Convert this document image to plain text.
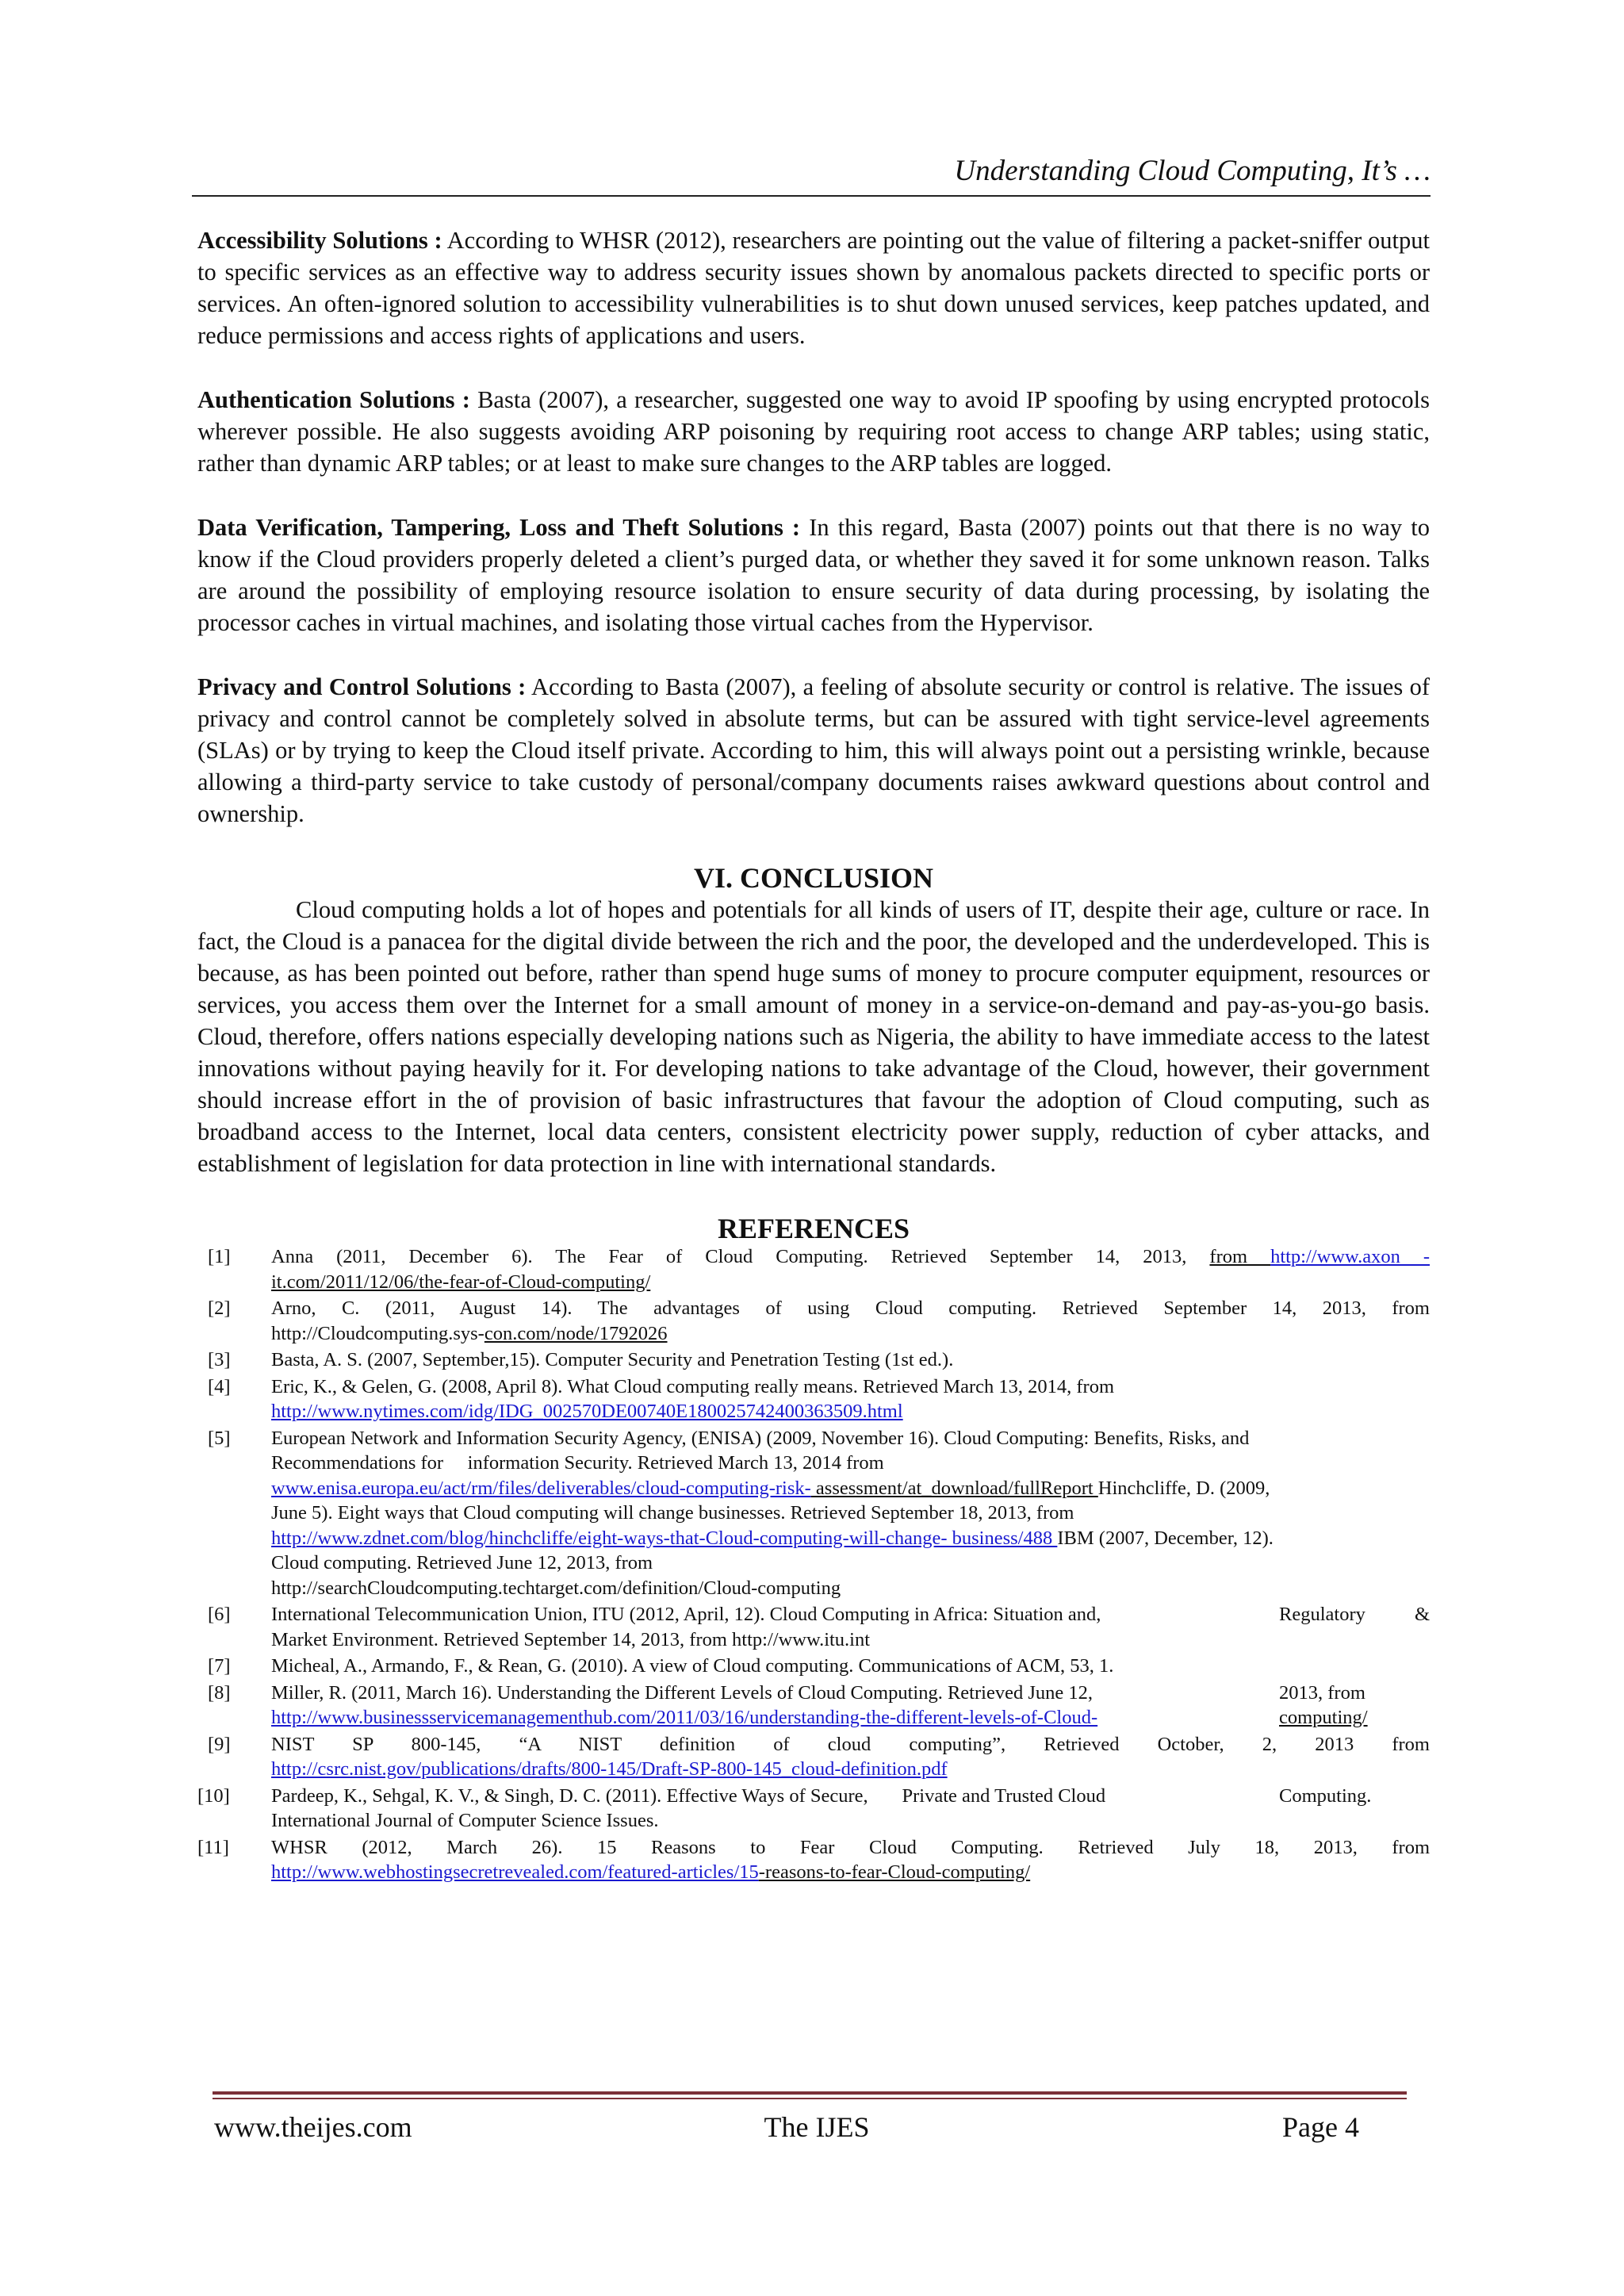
Understanding Cloud Computing, It’s …

Accessibility Solutions : According to WHSR (2012), researchers are pointing out the value of filtering a packet-sniffer output to specific services as an effective way to address security issues shown by anomalous packets directed to specific ports or services. An often-ignored solution to accessibility vulnerabilities is to shut down unused services, keep patches updated, and reduce permissions and access rights of applications and users.

Authentication Solutions : Basta (2007), a researcher, suggested one way to avoid IP spoofing by using encrypted protocols wherever possible. He also suggests avoiding ARP poisoning by requiring root access to change ARP tables; using static, rather than dynamic ARP tables; or at least to make sure changes to the ARP tables are logged.

Data Verification, Tampering, Loss and Theft Solutions : In this regard, Basta (2007) points out that there is no way to know if the Cloud providers properly deleted a client’s purged data, or whether they saved it for some unknown reason. Talks are around the possibility of employing resource isolation to ensure security of data during processing, by isolating the processor caches in virtual machines, and isolating those virtual caches from the Hypervisor.

Privacy and Control Solutions : According to Basta (2007), a feeling of absolute security or control is relative. The issues of privacy and control cannot be completely solved in absolute terms, but can be assured with tight service-level agreements (SLAs) or by trying to keep the Cloud itself private. According to him, this will always point out a persisting wrinkle, because allowing a third-party service to take custody of personal/company documents raises awkward questions about control and ownership.

VI. CONCLUSION

Cloud computing holds a lot of hopes and potentials for all kinds of users of IT, despite their age, culture or race. In fact, the Cloud is a panacea for the digital divide between the rich and the poor, the developed and the underdeveloped. This is because, as has been pointed out before, rather than spend huge sums of money to procure computer equipment, resources or services, you access them over the Internet for a small amount of money in a service-on-demand and pay-as-you-go basis. Cloud, therefore, offers nations especially developing nations such as Nigeria, the ability to have immediate access to the latest innovations without paying heavily for it. For developing nations to take advantage of the Cloud, however, their government should increase effort in the of provision of basic infrastructures that favour the adoption of Cloud computing, such as broadband access to the Internet, local data centers, consistent electricity power supply, reduction of cyber attacks, and establishment of legislation for data protection in line with international standards.

REFERENCES
[1] Anna (2011, December 6). The Fear of Cloud Computing. Retrieved September 14, 2013, from http://www.axon -
it.com/2011/12/06/the-fear-of-Cloud-computing/
[2] Arno, C. (2011, August 14). The advantages of using Cloud computing. Retrieved September 14, 2013, from
http://Cloudcomputing.sys-con.com/node/1792026
[3] Basta, A. S. (2007, September,15). Computer Security and Penetration Testing (1st ed.).
[4] Eric, K., & Gelen, G. (2008, April 8). What Cloud computing really means. Retrieved March 13, 2014, from
http://www.nytimes.com/idg/IDG_002570DE00740E180025742400363509.html
[5] European Network and Information Security Agency, (ENISA) (2009, November 16). Cloud Computing: Benefits, Risks, and
Recommendations for     information Security. Retrieved March 13, 2014 from
www.enisa.europa.eu/act/rm/files/deliverables/cloud-computing-risk- assessment/at_download/fullReport Hinchcliffe, D. (2009,
June 5). Eight ways that Cloud computing will change businesses. Retrieved September 18, 2013, from
http://www.zdnet.com/blog/hinchcliffe/eight-ways-that-Cloud-computing-will-change- business/488 IBM (2007, December, 12).
Cloud computing. Retrieved June 12, 2013, from
http://searchCloudcomputing.techtarget.com/definition/Cloud-computing
[6] International Telecommunication Union, ITU (2012, April, 12). Cloud Computing in Africa: Situation and,	Regulatory	&
Market Environment. Retrieved September 14, 2013, from http://www.itu.int
[7] Micheal, A., Armando, F., & Rean, G. (2010). A view of Cloud computing. Communications of ACM, 53, 1.
[8] Miller, R. (2011, March 16). Understanding the Different Levels of Cloud Computing. Retrieved June 12,	2013, from
http://www.businessservicemanagementhub.com/2011/03/16/understanding-the-different-levels-of-Cloud-	computing/
[9] NIST SP 800-145, “A NIST definition of cloud computing”, Retrieved October, 2, 2013 from
http://csrc.nist.gov/publications/drafts/800-145/Draft-SP-800-145_cloud-definition.pdf
[10] Pardeep, K., Sehgal, K. V., & Singh, D. C. (2011). Effective Ways of Secure,       Private and Trusted Cloud	Computing.
International Journal of Computer Science Issues.
[11] WHSR (2012, March 26). 15 Reasons to Fear Cloud Computing. Retrieved July 18, 2013, from
http://www.webhostingsecretrevealed.com/featured-articles/15-reasons-to-fear-Cloud-computing/
www.theijes.com	The IJES	Page 4
